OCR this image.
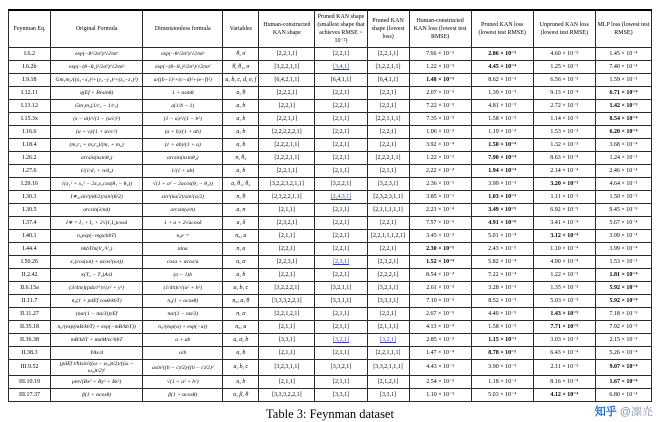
Feynman Eq.	Original Formula	Dimensionless formula	Variables	Human-constructed KAN shape	Pruned KAN shape (smallest shape that achieves RMSE < 10⁻²)	Pruned KAN shape (lowest loss)	Human-constructed KAN loss (lowest test RMSE)	Pruned KAN loss (lowest test RMSE)	Unpruned KAN loss (lowest test RMSE)	MLP loss (lowest test RMSE)
I.6.2	exp(−θ²/2σ²)/√2πσ²	exp(−θ²/2σ²)/√2πσ²	θ, σ	[2,2,1,1]	[2,2,1]	[2,2,1,1]	7.66 × 10⁻⁵	2.86 × 10⁻⁵	4.60 × 10⁻⁵	1.45 × 10⁻⁴
I.6.2b	exp(−(θ−θ₁)²/2σ²)/√2πσ²	exp(−(θ−θ₁)²/2σ²)/√2πσ²	θ, θ₁, σ	[3,2,2,1,1]	[3,4,1]	[3,2,2,1,1]	1.22 × 10⁻³	4.45 × 10⁻⁴	1.25 × 10⁻³	7.40 × 10⁻⁴
I.9.18	Gm₁m₂/((x₂−x₁)²+(y₂−y₁)²+(z₂−z₁)²)	a/((b−1)²+(c−d)²+(e−f)²)	a, b, c, d, e, f	[6,4,2,1,1]	[6,4,1,1]	[6,4,1,1]	1.48 × 10⁻³	8.62 × 10⁻³	6.56 × 10⁻³	1.59 × 10⁻³
I.12.11	q(Ef + Bvsinθ)	1 + asinθ	a, θ	[2,2,2,1]	[2,2,1]	[2,2,1]	2.07 × 10⁻³	1.39 × 10⁻³	9.13 × 10⁻⁴	6.71 × 10⁻⁴
I.13.12	Gm₁m₂(1/r₂ − 1/r₁)	a(1/b − 1)	a, b	[2,2,1]	[2,2,1]	[2,2,1]	7.22 × 10⁻³	4.81 × 10⁻³	2.72 × 10⁻³	1.42 × 10⁻³
I.15.3x	(x − ut)/√(1 − (u/c)²)	(1 − a)/√(1 − b²)	a, b	[2,2,1,1]	[2,1,1]	[2,2,1,1,1]	7.35 × 10⁻³	1.58 × 10⁻³	1.14 × 10⁻³	8.54 × 10⁻⁴
I.16.6	(u + v)/(1 + uv/c²)	(a + b)/(1 + ab)	a, b	[2,2,2,2,2,1]	[2,2,1]	[2,2,1]	1.06 × 10⁻³	1.19 × 10⁻³	1.53 × 10⁻³	6.20 × 10⁻⁴
I.18.4	(m₁r₁ + m₂r₂)/(m₁ + m₂)	(1 + ab)/(1 + a)	a, b	[2,2,2,1,1]	[2,2,1]	[2,2,1]	3.92 × 10⁻⁴	1.50 × 10⁻⁴	1.32 × 10⁻³	3.68 × 10⁻⁴
I.26.2	arcsin(nsinθ₂)	arcsin(nsinθ₂)	n, θ₂	[2,2,2,1,1]	[2,2,1]	[2,2,2,1,1]	1.22 × 10⁻¹	7.90 × 10⁻⁴	8.63 × 10⁻⁴	1.24 × 10⁻³
I.27.6	1/(1/d₁ + n/d₂)	1/(1 + ab)	a, b	[2,2,1,1]	[2,1,1]	[2,1,1]	2.22 × 10⁻⁴	1.94 × 10⁻⁴	2.14 × 10⁻⁴	2.46 × 10⁻⁴
I.29.16	√(x₁² + x₂² − 2x₁x₂cos(θ₁ − θ₂))	√(1 + a² − 2acos(θ₁ − θ₂))	a, θ₁, θ₂	[3,2,2,3,2,1,1]	[3,2,2,1]	[3,2,3,1]	2.36 × 10⁻¹	3.99 × 10⁻³	3.20 × 10⁻³	4.64 × 10⁻³
I.30.3	I∗,₀sin²(nθ/2)/sin²(θ/2)	sin²(na/2)/sin²(a/2)	n, θ	[2,3,2,2,1,1]	[2,4,3,1]	[2,3,2,3,1,1]	3.85 × 10⁻¹	1.03 × 10⁻³	1.11 × 10⁻²	1.50 × 10⁻²
I.30.5	arcsin(λ/nd)	arcsin(a/n)	a, n	[2,1,1]	[2,1,1]	[2,1,1,1,1,1]	2.23 × 10⁻⁴	3.49 × 10⁻⁵	6.92 × 10⁻⁵	9.45 × 10⁻⁵
I.37.4	I∗ = I₁ + I₂ + 2√(I₁I₂)cosδ	1 + a + 2√acosδ	a, δ	[2,3,2,1]	[2,2,1]	[2,2,1]	7.57 × 10⁻⁵	4.91 × 10⁻⁶	3.41 × 10⁻⁴	5.67 × 10⁻⁴
I.40.1	n₀exp(−mgx/kbT)	n₀e⁻ᵃ	n₀, a	[2,1,1]	[2,2,1]	[2,2,1,1,1,2,1]	3.45 × 10⁻³	5.01 × 10⁻⁴	3.12 × 10⁻⁴	3.99 × 10⁻⁴
I.44.4	nkbTln(V₂/V₁)	nlna	n, a	[2,2,1]	[2,2,1]	[2,2,1]	2.30 × 10⁻⁵	2.43 × 10⁻⁵	1.10 × 10⁻⁴	3.99 × 10⁻⁴
I.50.26	x₁(cos(ωt) + αcos²(ωt))	cosa + αcos²a	a, α	[2,2,3,1]	[2,3,1]	[2,3,2,1]	1.52 × 10⁻⁴	5.82 × 10⁻⁴	4.90 × 10⁻⁴	1.53 × 10⁻³
II.2.42	κ(T₂ − T₁)A/d	(a − 1)b	a, b	[2,2,1]	[2,2,1]	[2,2,2,1]	8.54 × 10⁻⁴	7.22 × 10⁻⁴	1.22 × 10⁻³	1.81 × 10⁻⁴
II.6.15a	(3/4πε)(pdz/r⁵)√(x² + y²)	(1/4π)c√(a² + b²)	a, b, c	[3,2,2,2,1]	[3,2,1,1]	[3,2,1,1]	2.61 × 10⁻³	3.28 × 10⁻³	1.35 × 10⁻³	5.92 × 10⁻⁴
II.11.7	n₀(1 + pdEf cosθ/kbT)	n₀(1 + acosθ)	n₀, a, θ	[3,3,3,2,2,1]	[3,3,1,1]	[3,3,1,1]	7.10 × 10⁻³	8.52 × 10⁻³	5.03 × 10⁻³	5.92 × 10⁻⁴
II.11.27	(nα/(1 − nα/3))εEf	nα/(1 − nα/3)	n, α	[2,2,1,2,1]	[2,1,1]	[2,2,1]	2.67 × 10⁻⁵	4.40 × 10⁻⁵	1.43 × 10⁻⁵	7.18 × 10⁻⁵
II.35.18	n₀/(exp(mB/kbT) + exp(−mB/kbT))	n₀/(exp(a) + exp(−a))	n₀, a	[2,1,1]	[2,1,1]	[2,1,1,1]	4.13 × 10⁻⁴	1.58 × 10⁻³	7.71 × 10⁻⁵	7.92 × 10⁻⁵
II.36.38	mB/kbT + mαM/εc²kbT	a + αb	a, α, b	[3,3,1]	[3,2,1]	[3,2,1]	2.85 × 10⁻³	1.15 × 10⁻³	3.03 × 10⁻³	2.15 × 10⁻³
II.38.3	YAx/d	a/b	a, b	[2,1,1]	[2,1,1]	[2,2,1,1,1]	1.47 × 10⁻⁴	8.78 × 10⁻⁵	6.43 × 10⁻⁴	5.26 × 10⁻⁴
III.9.52	(pdEf t/ħ)sin²((ω − ω₀)t/2)/((ω − ω₀)t/2)²	asin²((b − c)/2)/((b − c)/2)²	a, b, c	[3,2,3,1,1]	[3,3,2,1]	[3,3,2,1,1,1]	4.43 × 10⁻²	3.90 × 10⁻³	2.11 × 10⁻²	9.07 × 10⁻⁴
III.10.19	μm√(Bx² + By² + Bz²)	√(1 + a² + b²)	a, b	[2,1,1]	[2,1,1]	[2,1,2,1]	2.54 × 10⁻³	1.18 × 10⁻³	8.16 × 10⁻⁴	1.67 × 10⁻⁴
III.17.37	β(1 + αcosθ)	β(1 + αcosθ)	α, β, θ	[3,3,3,2,2,1]	[3,3,1]	[3,3,1]	1.10 × 10⁻³	5.03 × 10⁻⁴	4.12 × 10⁻⁴	6.80 × 10⁻⁴
Table 3: Feynman dataset	知乎 @凛灮
